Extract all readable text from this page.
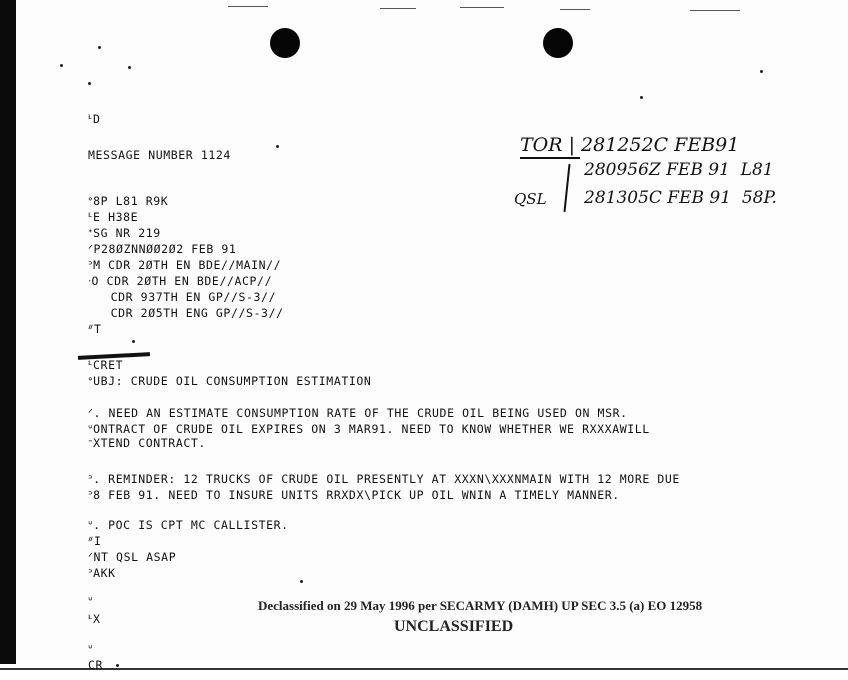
ᒻD
MESSAGE NUMBER 1124
ᐤ8P L81 R9K
ᒻE H38E
ᐩSG NR 219
ᐟP28ØZNNØØ2Ø2 FEB 91
ᐣM CDR 2ØTH EN BDE//MAIN//
ᐧO CDR 2ØTH EN BDE//ACP//
CDR 937TH EN GP//S-3//
CDR 2Ø5TH ENG GP//S-3//
ᐥT
ᒻCRET
ᐤUBJ: CRUDE OIL CONSUMPTION ESTIMATION
ᐟ. NEED AN ESTIMATE CONSUMPTION RATE OF THE CRUDE OIL BEING USED ON MSR.
ᐡONTRACT OF CRUDE OIL EXPIRES ON 3 MAR91. NEED TO KNOW WHETHER WE RXXXAWILL
ᐨXTEND CONTRACT.
ᐣ. REMINDER: 12 TRUCKS OF CRUDE OIL PRESENTLY AT XXXN\XXXNMAIN WITH 12 MORE DUE
ᐣ8 FEB 91. NEED TO INSURE UNITS RRXDX\PICK UP OIL WNIN A TIMELY MANNER.
ᐡ. POC IS CPT MC CALLISTER.
ᐥI
ᐟNT QSL ASAP
ᐣAKK
ᐡ
ᒻX
ᐡ
CR
TOR | 281252C FEB91
280956Z FEB 91  L81
QSL 281305C FEB 91  58P.
Declassified on 29 May 1996 per SECARMY (DAMH) UP SEC 3.5 (a) EO 12958
UNCLASSIFIED
